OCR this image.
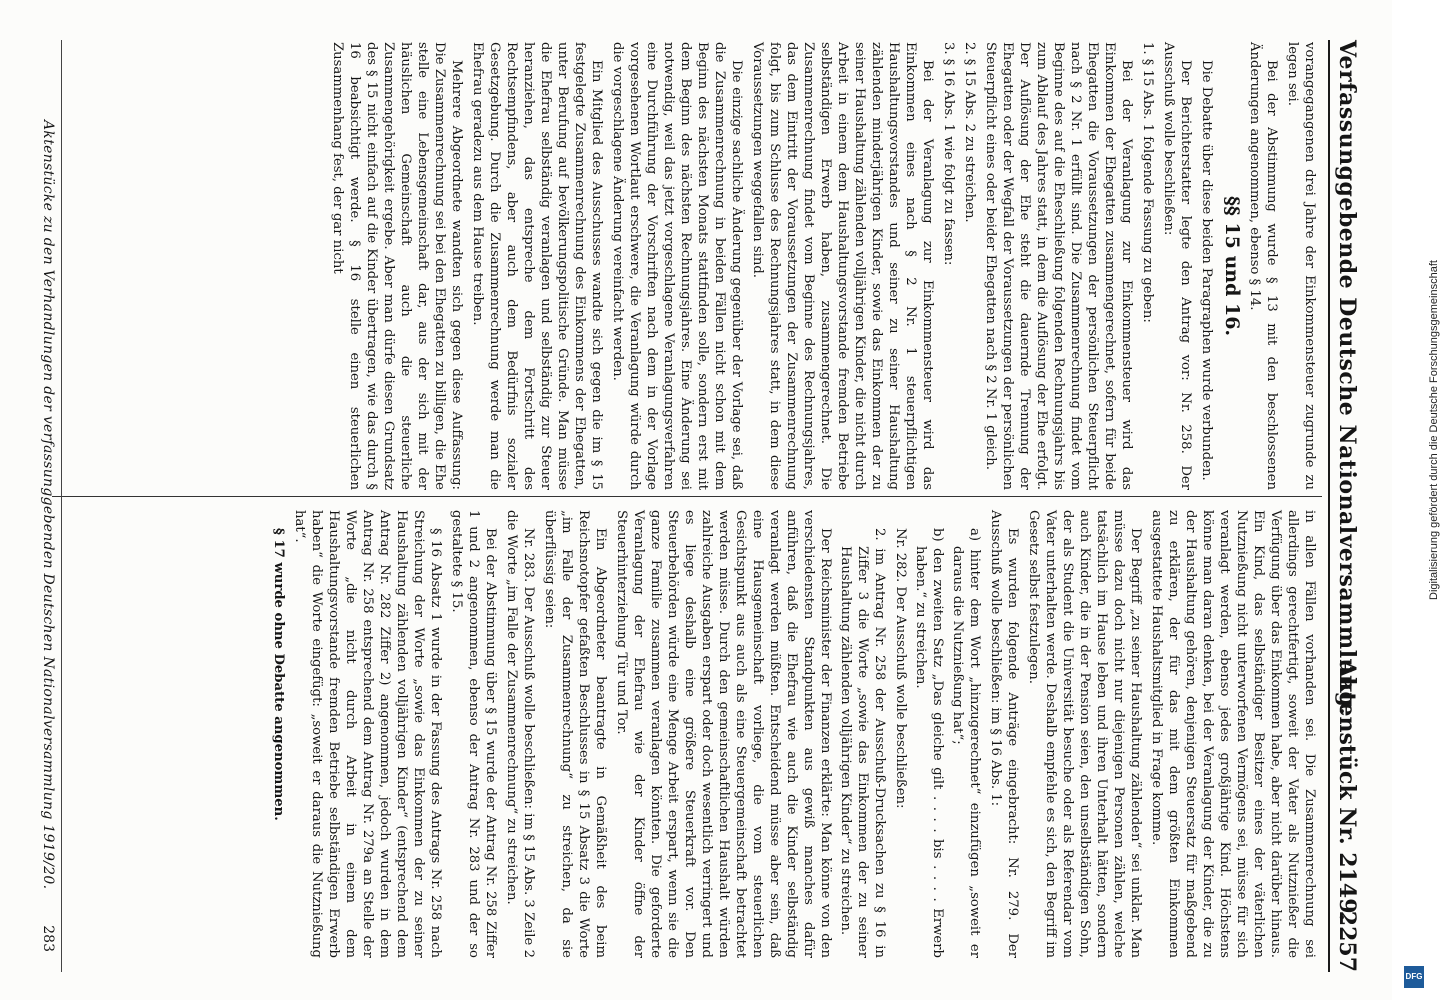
Verfassunggebende Deutsche Nationalversammlung.
Aktenstück Nr. 2149.
2257

vorangegangenen drei Jahre der Einkommensteuer zugrunde zu legen sei.

Bei der Abstimmung wurde § 13 mit den beschlossenen Änderungen angenommen, ebenso § 14.

§§ 15 und 16.

Die Debatte über diese beiden Paragraphen wurde verbunden.

Der Berichterstatter legte den Antrag vor: Nr. 258. Der Ausschuß wolle beschließen:

1. § 15 Abs. 1 folgende Fassung zu geben:

Bei der Veranlagung zur Einkommensteuer wird das Einkommen der Ehegatten zusammengerechnet, sofern für beide Ehegatten die Voraussetzungen der persönlichen Steuerpflicht nach § 2 Nr. 1 erfüllt sind. Die Zusammenrechnung findet vom Beginne des auf die Eheschließung folgenden Rechnungsjahrs bis zum Ablauf des Jahres statt, in dem die Auflösung der Ehe erfolgt. Der Auflösung der Ehe steht die dauernde Trennung der Ehegatten oder der Wegfall der Voraussetzungen der persönlichen Steuerpflicht eines oder beider Ehegatten nach § 2 Nr. 1 gleich.

2. § 15 Abs. 2 zu streichen.

3. § 16 Abs. 1 wie folgt zu fassen:

Bei der Veranlagung zur Einkommensteuer wird das Einkommen eines nach § 2 Nr. 1 steuerpflichtigen Haushaltungsvorstandes und seiner zu seiner Haushaltung zählenden minderjährigen Kinder, sowie das Einkommen der zu seiner Haushaltung zählenden volljährigen Kinder, die nicht durch Arbeit in einem dem Haushaltungsvorstande fremden Betriebe selbständigen Erwerb haben, zusammengerechnet. Die Zusammenrechnung findet vom Beginne des Rechnungsjahres, das dem Eintritt der Voraussetzungen der Zusammenrechnung folgt, bis zum Schlusse des Rechnungsjahres statt, in dem diese Voraussetzungen weggefallen sind.

Die einzige sachliche Änderung gegenüber der Vorlage sei, daß die Zusammenrechnung in beiden Fällen nicht schon mit dem Beginn des nächsten Monats stattfinden solle, sondern erst mit dem Beginn des nächsten Rechnungsjahres. Eine Änderung sei notwendig, weil das jetzt vorgeschlagene Veranlagungsverfahren eine Durchführung der Vorschriften nach dem in der Vorlage vorgesehenen Wortlaut erschwere, die Veranlagung würde durch die vorgeschlagene Änderung vereinfacht werden.

Ein Mitglied des Ausschusses wandte sich gegen die im § 15 festgelegte Zusammenrechnung des Einkommens der Ehegatten, unter Berufung auf bevölkerungspolitische Gründe. Man müsse die Ehefrau selbständig veranlagen und selbständig zur Steuer heranziehen, das entspreche dem Fortschritt des Rechtsempfindens, aber auch dem Bedürfnis sozialer Gesetzgebung. Durch die Zusammenrechnung werde man die Ehefrau geradezu aus dem Hause treiben.

Mehrere Abgeordnete wandten sich gegen diese Auffassung: Die Zusammenrechnung sei bei den Ehegatten zu billigen, die Ehe stelle eine Lebensgemeinschaft dar, aus der sich mit der häuslichen Gemeinschaft auch die steuerliche Zusammengehörigkeit ergebe. Aber man dürfe diesen Grundsatz des § 15 nicht einfach auf die Kinder übertragen, wie das durch § 16 beabsichtigt werde. § 16 stelle einen steuerlichen Zusammenhang fest, der gar nicht

in allen Fällen vorhanden sei. Die Zusammenrechnung sei allerdings gerechtfertigt, soweit der Vater als Nutznießer die Verfügung über das Einkommen habe, aber nicht darüber hinaus. Ein Kind, das selbständiger Besitzer eines der väterlichen Nutznießung nicht unterworfenen Vermögens sei, müsse für sich veranlagt werden, ebenso jedes großjährige Kind. Höchstens könne man daran denken, bei der Veranlagung der Kinder, die zu der Haushaltung gehören, denjenigen Steuersatz für maßgebend zu erklären, der für das mit dem größten Einkommen ausgestattete Haushaltsmitglied in Frage komme.

Der Begriff „zu seiner Haushaltung zählenden“ sei unklar. Man müsse dazu doch nicht nur diejenigen Personen zählen, welche tatsächlich im Hause leben und ihren Unterhalt hätten, sondern auch Kinder, die in der Pension seien, den unselbständigen Sohn, der als Student die Universität besuche oder als Referendar vom Vater unterhalten werde. Deshalb empfehle es sich, den Begriff im Gesetz selbst festzulegen.

Es wurden folgende Anträge eingebracht: Nr. 279. Der Ausschuß wolle beschließen: im § 16 Abs. 1:

a) hinter dem Wort „hinzugerechnet“ einzufügen „soweit er daraus die Nutznießung hat“;

b) den zweiten Satz „Das gleiche gilt . . . . bis . . . . Erwerb haben.“ zu streichen.

Nr. 282. Der Ausschuß wolle beschließen:

2. im Antrag Nr. 258 der Ausschuß-Drucksachen zu § 16 in Ziffer 3 die Worte „sowie das Einkommen der zu seiner Haushaltung zählenden volljährigen Kinder“ zu streichen.

Der Reichsminister der Finanzen erklärte: Man könne von den verschiedensten Standpunkten aus gewiß manches dafür anführen, daß die Ehefrau wie auch die Kinder selbständig veranlagt werden müßten. Entscheidend müsse aber sein, daß eine Hausgemeinschaft vorliege, die vom steuerlichen Gesichtspunkt aus auch als eine Steuergemeinschaft betrachtet werden müsse. Durch den gemeinschaftlichen Haushalt würden zahlreiche Ausgaben erspart oder doch wesentlich verringert und es liege deshalb eine größere Steuerkraft vor. Den Steuerbehörden würde eine Menge Arbeit erspart, wenn sie die ganze Familie zusammen veranlagen könnten. Die geforderte Veranlagung der Ehefrau wie der Kinder öffne der Steuerhinterziehung Tür und Tor.

Ein Abgeordneter beantragte in Gemäßheit des beim Reichsnotopfer gefaßten Beschlusses in § 15 Absatz 3 die Worte „im Falle der Zusammenrechnung“ zu streichen, da sie überflüssig seien:

Nr. 283. Der Ausschuß wolle beschließen: im § 15 Abs. 3 Zeile 2 die Worte „im Falle der Zusammenrechnung“ zu streichen.

Bei der Abstimmung über § 15 wurde der Antrag Nr. 258 Ziffer 1 und 2 angenommen, ebenso der Antrag Nr. 283 und der so gestaltete § 15.

§ 16 Absatz 1 wurde in der Fassung des Antrags Nr. 258 nach Streichung der Worte „sowie das Einkommen der zu seiner Haushaltung zählenden volljährigen Kinder“ (entsprechend dem Antrag Nr. 282 Ziffer 2) angenommen, jedoch wurden in dem Antrag Nr. 258 entsprechend dem Antrag Nr. 279a an Stelle der Worte „die nicht durch Arbeit in einem dem Haushaltungsvorstande fremden Betriebe selbständigen Erwerb haben“ die Worte eingefügt: „soweit er daraus die Nutznießung hat“.

§ 17 wurde ohne Debatte angenommen.

Aktenstücke zu den Verhandlungen der verfassunggebenden Deutschen Nationalversammlung 1919/20.
283
Digitalisierung gefördert durch die Deutsche Forschungsgemeinschaft
DFG
